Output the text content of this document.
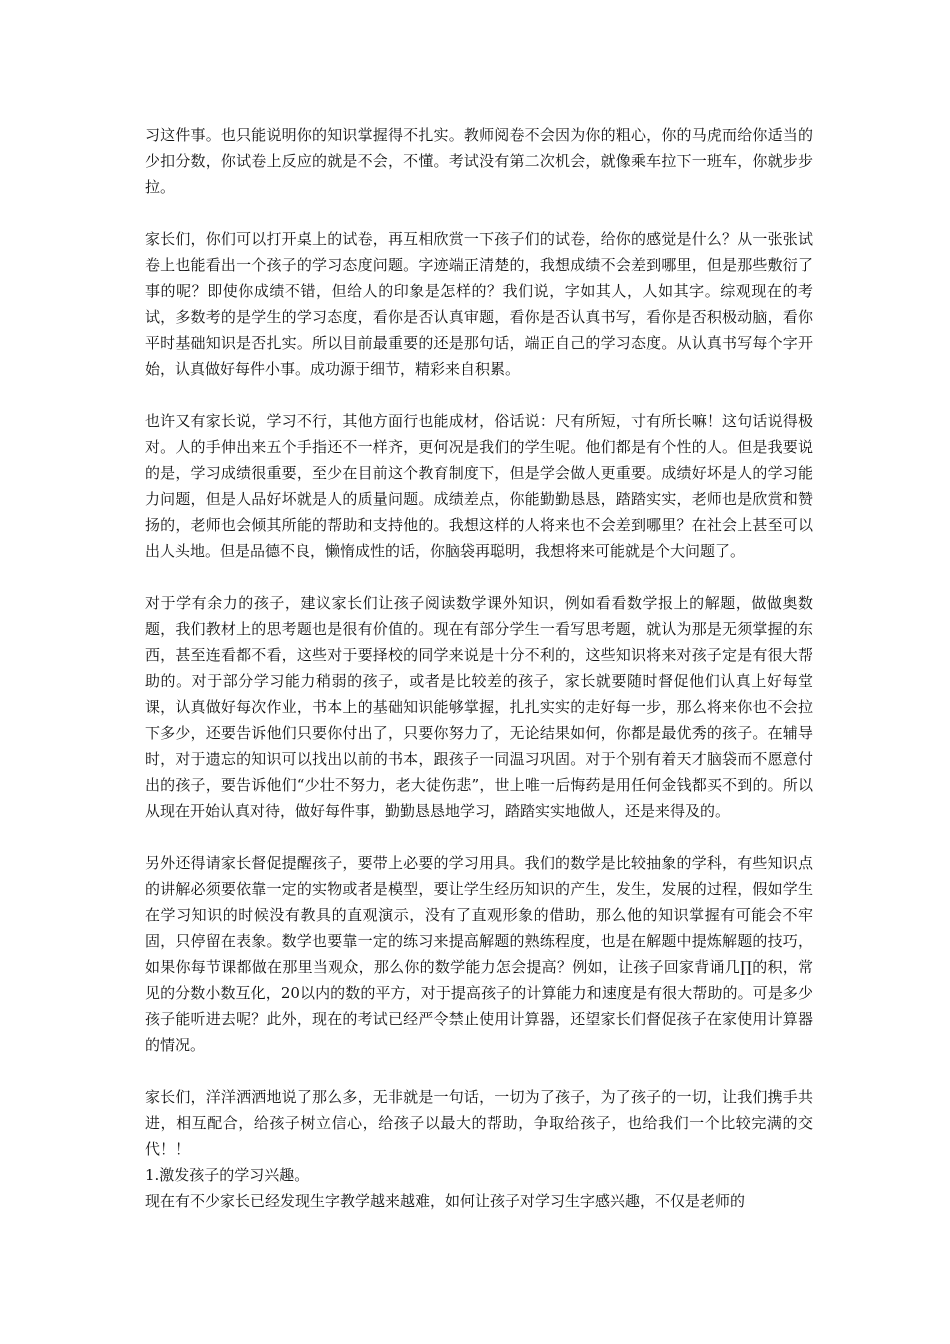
习这件事。也只能说明你的知识掌握得不扎实。教师阅卷不会因为你的粗心，你的马虎而给你适当的少扣分数，你试卷上反应的就是不会，不懂。考试没有第二次机会，就像乘车拉下一班车，你就步步拉。

家长们，你们可以打开桌上的试卷，再互相欣赏一下孩子们的试卷，给你的感觉是什么？从一张张试卷上也能看出一个孩子的学习态度问题。字迹端正清楚的，我想成绩不会差到哪里，但是那些敷衍了事的呢？即使你成绩不错，但给人的印象是怎样的？我们说，字如其人，人如其字。综观现在的考试，多数考的是学生的学习态度，看你是否认真审题，看你是否认真书写，看你是否积极动脑，看你平时基础知识是否扎实。所以目前最重要的还是那句话，端正自己的学习态度。从认真书写每个字开始，认真做好每件小事。成功源于细节，精彩来自积累。

也许又有家长说，学习不行，其他方面行也能成材，俗话说：尺有所短，寸有所长嘛！这句话说得极对。人的手伸出来五个手指还不一样齐，更何况是我们的学生呢。他们都是有个性的人。但是我要说的是，学习成绩很重要，至少在目前这个教育制度下，但是学会做人更重要。成绩好坏是人的学习能力问题，但是人品好坏就是人的质量问题。成绩差点，你能勤勤恳恳，踏踏实实，老师也是欣赏和赞扬的，老师也会倾其所能的帮助和支持他的。我想这样的人将来也不会差到哪里？在社会上甚至可以出人头地。但是品德不良，懒惰成性的话，你脑袋再聪明，我想将来可能就是个大问题了。

对于学有余力的孩子，建议家长们让孩子阅读数学课外知识，例如看看数学报上的解题，做做奥数题，我们教材上的思考题也是很有价值的。现在有部分学生一看写思考题，就认为那是无须掌握的东西，甚至连看都不看，这些对于要择校的同学来说是十分不利的，这些知识将来对孩子定是有很大帮助的。对于部分学习能力稍弱的孩子，或者是比较差的孩子，家长就要随时督促他们认真上好每堂课，认真做好每次作业，书本上的基础知识能够掌握，扎扎实实的走好每一步，那么将来你也不会拉下多少，还要告诉他们只要你付出了，只要你努力了，无论结果如何，你都是最优秀的孩子。在辅导时，对于遗忘的知识可以找出以前的书本，跟孩子一同温习巩固。对于个别有着天才脑袋而不愿意付出的孩子，要告诉他们“少壮不努力，老大徒伤悲”，世上唯一后悔药是用任何金钱都买不到的。所以从现在开始认真对待，做好每件事，勤勤恳恳地学习，踏踏实实地做人，还是来得及的。

另外还得请家长督促提醒孩子，要带上必要的学习用具。我们的数学是比较抽象的学科，有些知识点的讲解必须要依靠一定的实物或者是模型，要让学生经历知识的产生，发生，发展的过程，假如学生在学习知识的时候没有教具的直观演示，没有了直观形象的借助，那么他的知识掌握有可能会不牢固，只停留在表象。数学也要靠一定的练习来提高解题的熟练程度，也是在解题中提炼解题的技巧，如果你每节课都做在那里当观众，那么你的数学能力怎会提高？例如，让孩子回家背诵几∏的积，常见的分数小数互化，20以内的数的平方，对于提高孩子的计算能力和速度是有很大帮助的。可是多少孩子能听进去呢？此外，现在的考试已经严令禁止使用计算器，还望家长们督促孩子在家使用计算器的情况。

家长们，洋洋洒洒地说了那么多，无非就是一句话，一切为了孩子，为了孩子的一切，让我们携手共进，相互配合，给孩子树立信心，给孩子以最大的帮助，争取给孩子，也给我们一个比较完满的交代！！

1.激发孩子的学习兴趣。

现在有不少家长已经发现生字教学越来越难，如何让孩子对学习生字感兴趣，不仅是老师的
